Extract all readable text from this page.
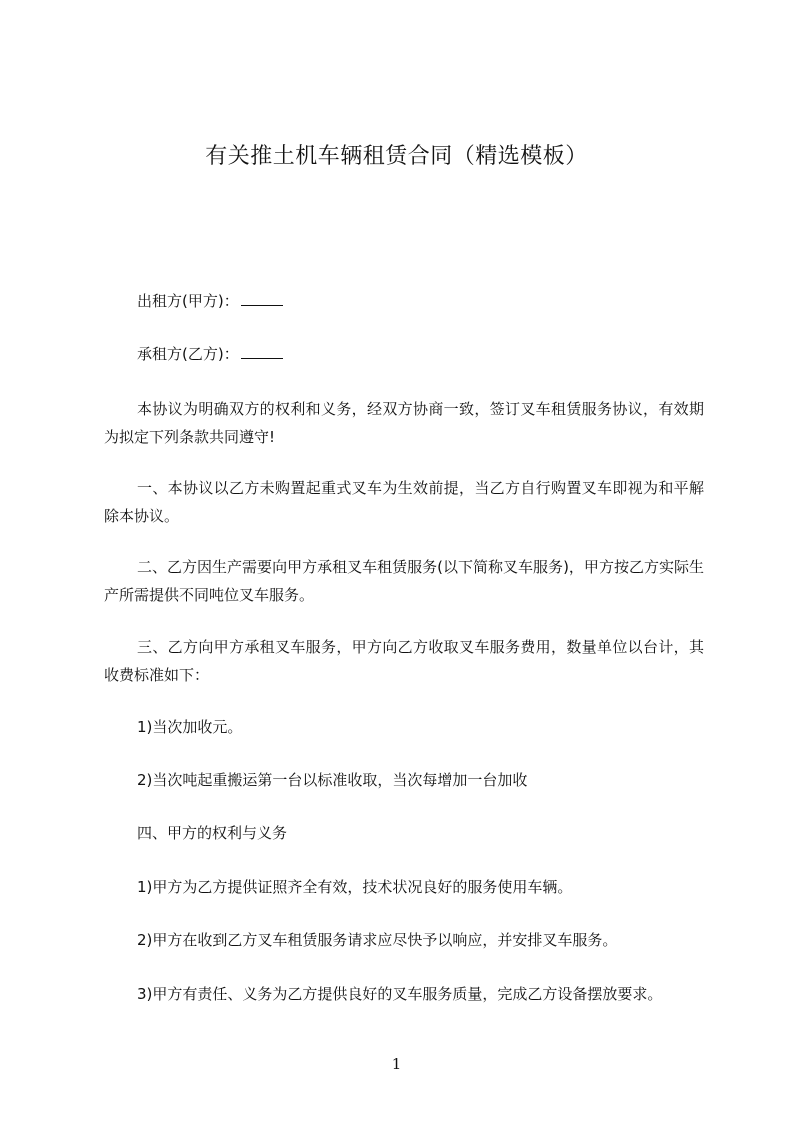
有关推土机车辆租赁合同（精选模板）

出租方(甲方)：

承租方(乙方)：

本协议为明确双方的权利和义务，经双方协商一致，签订叉车租赁服务协议，有效期为拟定下列条款共同遵守!

一、本协议以乙方未购置起重式叉车为生效前提，当乙方自行购置叉车即视为和平解除本协议。

二、乙方因生产需要向甲方承租叉车租赁服务(以下简称叉车服务)，甲方按乙方实际生产所需提供不同吨位叉车服务。

三、乙方向甲方承租叉车服务，甲方向乙方收取叉车服务费用，数量单位以台计，其收费标准如下：

1)当次加收元。

2)当次吨起重搬运第一台以标准收取，当次每增加一台加收

四、甲方的权利与义务

1)甲方为乙方提供证照齐全有效，技术状况良好的服务使用车辆。

2)甲方在收到乙方叉车租赁服务请求应尽快予以响应，并安排叉车服务。

3)甲方有责任、义务为乙方提供良好的叉车服务质量，完成乙方设备摆放要求。

1
